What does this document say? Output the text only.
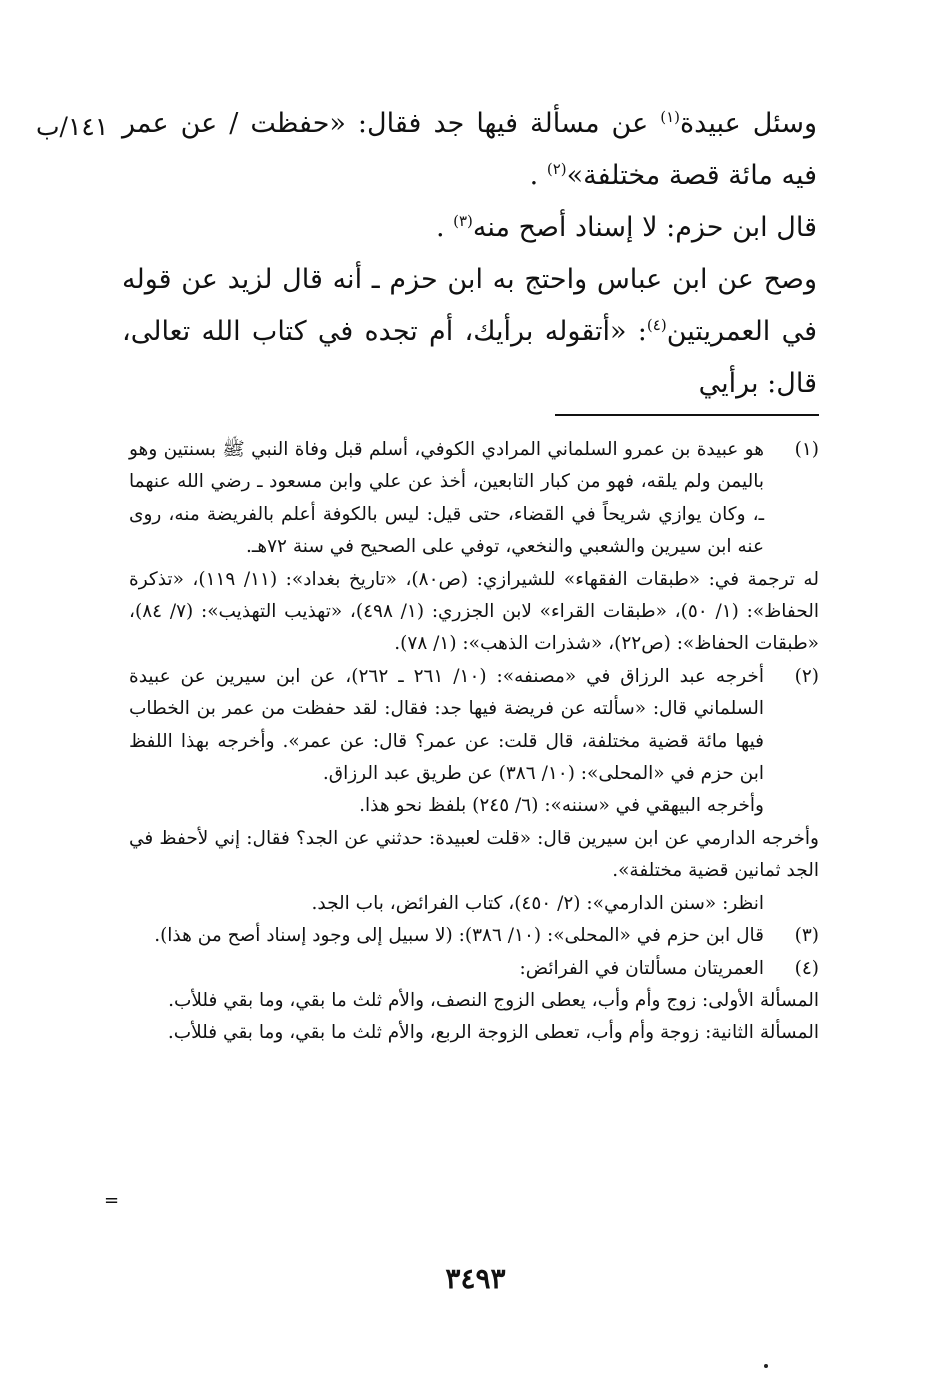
١٤١/ب	وسئل عبيدة$^{(١)}$ عن مسألة فيها جد فقال: «حفظت / عن عمر فيه مائة قصة مختلفة»$^{(٢)}$ .

قال ابن حزم: لا إسناد أصح منه$^{(٣)}$ .

وصح عن ابن عباس واحتج به ابن حزم ـ أنه قال لزيد عن قوله في العمريتين$^{(٤)}$: «أتقوله برأيك، أم تجده في كتاب الله تعالى، قال: برأيي

(١)

هو عبيدة بن عمرو السلماني المرادي الكوفي، أسلم قبل وفاة النبي ﷺ بسنتين وهو باليمن ولم يلقه، فهو من كبار التابعين، أخذ عن علي وابن مسعود ـ رضي الله عنهما ـ، وكان يوازي شريحاً في القضاء، حتى قيل: ليس بالكوفة أعلم بالفريضة منه، روى عنه ابن سيرين والشعبي والنخعي، توفي على الصحيح في سنة ٧٢هـ.

له ترجمة في: «طبقات الفقهاء» للشيرازي: (ص٨٠)، «تاريخ بغداد»: (١١/ ١١٩)، «تذكرة الحفاظ»: (١/ ٥٠)، «طبقات القراء» لابن الجزري: (١/ ٤٩٨)، «تهذيب التهذيب»: (٧/ ٨٤)، «طبقات الحفاظ»: (ص٢٢)، «شذرات الذهب»: (١/ ٧٨).

(٢)

أخرجه عبد الرزاق في «مصنفه»: (١٠/ ٢٦١ ـ ٢٦٢)، عن ابن سيرين عن عبيدة السلماني قال: «سألته عن فريضة فيها جد: فقال: لقد حفظت من عمر بن الخطاب فيها مائة قضية مختلفة، قال قلت: عن عمر؟ قال: عن عمر». وأخرجه بهذا اللفظ ابن حزم في «المحلى»: (١٠/ ٣٨٦) عن طريق عبد الرزاق.

وأخرجه البيهقي في «سننه»: (٦/ ٢٤٥) بلفظ نحو هذا.

وأخرجه الدارمي عن ابن سيرين قال: «قلت لعبيدة: حدثني عن الجد؟ فقال: إني لأحفظ في الجد ثمانين قضية مختلفة».

انظر: «سنن الدارمي»: (٢/ ٤٥٠)، كتاب الفرائض، باب الجد.

(٣)

قال ابن حزم في «المحلى»: (١٠/ ٣٨٦): (لا سبيل إلى وجود إسناد أصح من هذا).

(٤)

العمريتان مسألتان في الفرائض:

المسألة الأولى: زوج وأم وأب، يعطى الزوج النصف، والأم ثلث ما بقي، وما بقي فللأب.

المسألة الثانية: زوجة وأم وأب، تعطى الزوجة الربع، والأم ثلث ما بقي، وما بقي فللأب.

=
٣٤٩٣
